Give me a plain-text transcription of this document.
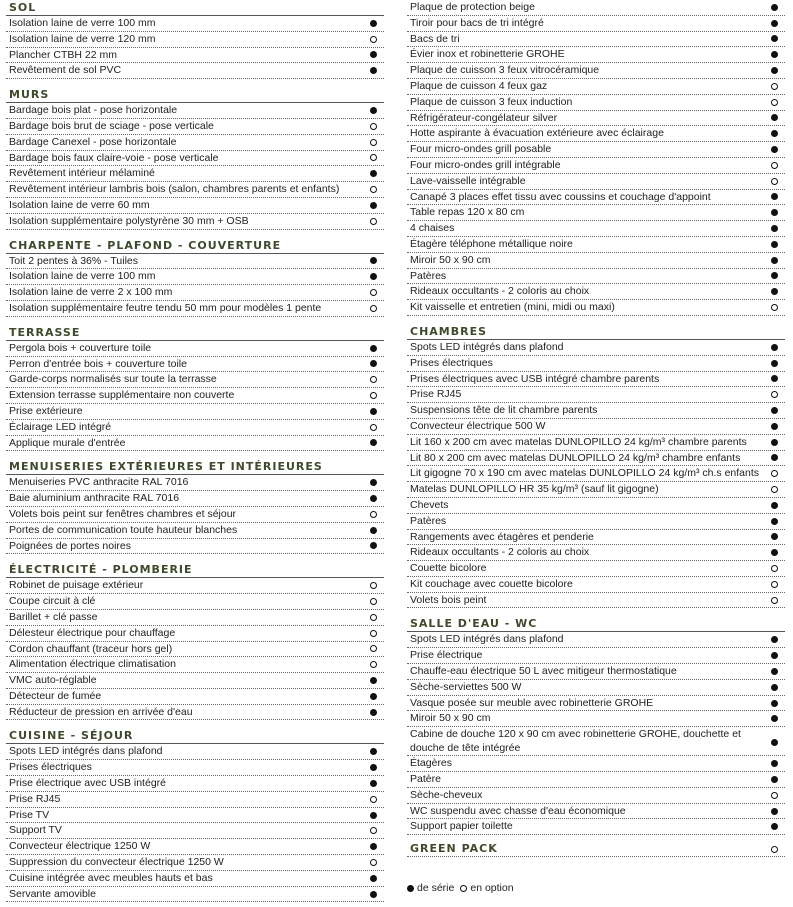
SOL
Isolation laine de verre 100 mm
Isolation laine de verre 120 mm
Plancher CTBH 22 mm
Revêtement de sol PVC
MURS
Bardage bois plat - pose horizontale
Bardage bois brut de sciage - pose verticale
Bardage Canexel - pose horizontale
Bardage bois faux claire-voie - pose verticale
Revêtement intérieur mélaminé
Revêtement intérieur lambris bois (salon, chambres parents et enfants)
Isolation laine de verre 60 mm
Isolation supplémentaire polystyrène 30 mm + OSB
CHARPENTE - PLAFOND - COUVERTURE
Toit 2 pentes à 36% - Tuiles
Isolation laine de verre 100 mm
Isolation laine de verre 2 x 100 mm
Isolation supplémentaire feutre tendu 50 mm pour modèles 1 pente
TERRASSE
Pergola bois + couverture toile
Perron d'entrée bois + couverture toile
Garde-corps normalisés sur toute la terrasse
Extension terrasse supplémentaire non couverte
Prise extérieure
Éclairage LED intégré
Applique murale d'entrée
MENUISERIES EXTÉRIEURES ET INTÉRIEURES
Menuiseries PVC anthracite RAL 7016
Baie aluminium anthracite RAL 7016
Volets bois peint sur fenêtres chambres et séjour
Portes de communication toute hauteur blanches
Poignées de portes noires
ÉLECTRICITÉ - PLOMBERIE
Robinet de puisage extérieur
Coupe circuit à clé
Barillet + clé passe
Délesteur électrique pour chauffage
Cordon chauffant (traceur hors gel)
Alimentation électrique climatisation
VMC auto-réglable
Détecteur de fumée
Réducteur de pression en arrivée d'eau
CUISINE - SÉJOUR
Spots LED intégrés dans plafond
Prises électriques
Prise électrique avec USB intégré
Prise RJ45
Prise TV
Support TV
Convecteur électrique 1250 W
Suppression du convecteur électrique 1250 W
Cuisine intégrée avec meubles hauts et bas
Servante amovible
Plaque de protection beige
Tiroir pour bacs de tri intégré
Bacs de tri
Évier inox et robinetterie GROHE
Plaque de cuisson 3 feux vitrocéramique
Plaque de cuisson 4 feux gaz
Plaque de cuisson 3 feux induction
Réfrigérateur-congélateur silver
Hotte aspirante à évacuation extérieure avec éclairage
Four micro-ondes grill posable
Four micro-ondes grill intégrable
Lave-vaisselle intégrable
Canapé 3 places effet tissu avec coussins et couchage d'appoint
Table repas 120 x 80 cm
4 chaises
Étagère téléphone métallique noire
Miroir 50 x 90 cm
Patères
Rideaux occultants - 2 coloris au choix
Kit vaisselle et entretien (mini, midi ou maxi)
CHAMBRES
Spots LED intégrés dans plafond
Prises électriques
Prises électriques avec USB intégré chambre parents
Prise RJ45
Suspensions tête de lit chambre parents
Convecteur électrique 500 W
Lit 160 x 200 cm avec matelas DUNLOPILLO 24 kg/m³ chambre parents
Lit 80 x 200 cm avec matelas DUNLOPILLO 24 kg/m³ chambre enfants
Lit gigogne 70 x 190 cm avec matelas DUNLOPILLO 24 kg/m³ ch.s enfants
Matelas DUNLOPILLO HR 35 kg/m³ (sauf lit gigogne)
Chevets
Patères
Rangements avec étagères et penderie
Rideaux occultants - 2 coloris au choix
Couette bicolore
Kit couchage avec couette bicolore
Volets bois peint
SALLE D'EAU - WC
Spots LED intégrés dans plafond
Prise électrique
Chauffe-eau électrique 50 L avec mitigeur thermostatique
Sèche-serviettes 500 W
Vasque posée sur meuble avec robinetterie GROHE
Miroir 50 x 90 cm
Cabine de douche 120 x 90 cm avec robinetterie GROHE, douchette et douche de tête intégrée
Étagères
Patère
Sèche-cheveux
WC suspendu avec chasse d'eau économique
Support papier toilette
GREEN PACK
de série	en option
